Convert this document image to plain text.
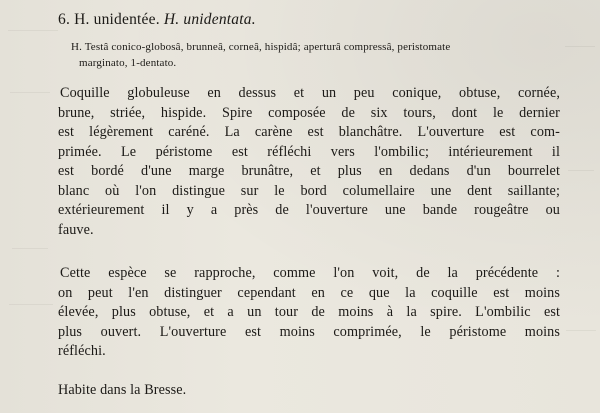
6. H. unidentée. H. unidentata.
H. Testâ conico-globosâ, brunneâ, corneâ, hispidâ; aperturâ compressâ, peristomate
marginato, 1-dentato.
Coquille globuleuse en dessus et un peu conique, obtuse, cornée,
brune, striée, hispide. Spire composée de six tours, dont le dernier
est légèrement caréné. La carène est blanchâtre. L'ouverture est com-
primée. Le péristome est réfléchi vers l'ombilic; intérieurement il
est bordé d'une marge brunâtre, et plus en dedans d'un bourrelet
blanc où l'on distingue sur le bord columellaire une dent saillante;
extérieurement il y a près de l'ouverture une bande rougeâtre ou
fauve.
Cette espèce se rapproche, comme l'on voit, de la précédente :
on peut l'en distinguer cependant en ce que la coquille est moins
élevée, plus obtuse, et a un tour de moins à la spire. L'ombilic est
plus ouvert. L'ouverture est moins comprimée, le péristome moins
réfléchi.
Habite dans la Bresse.
